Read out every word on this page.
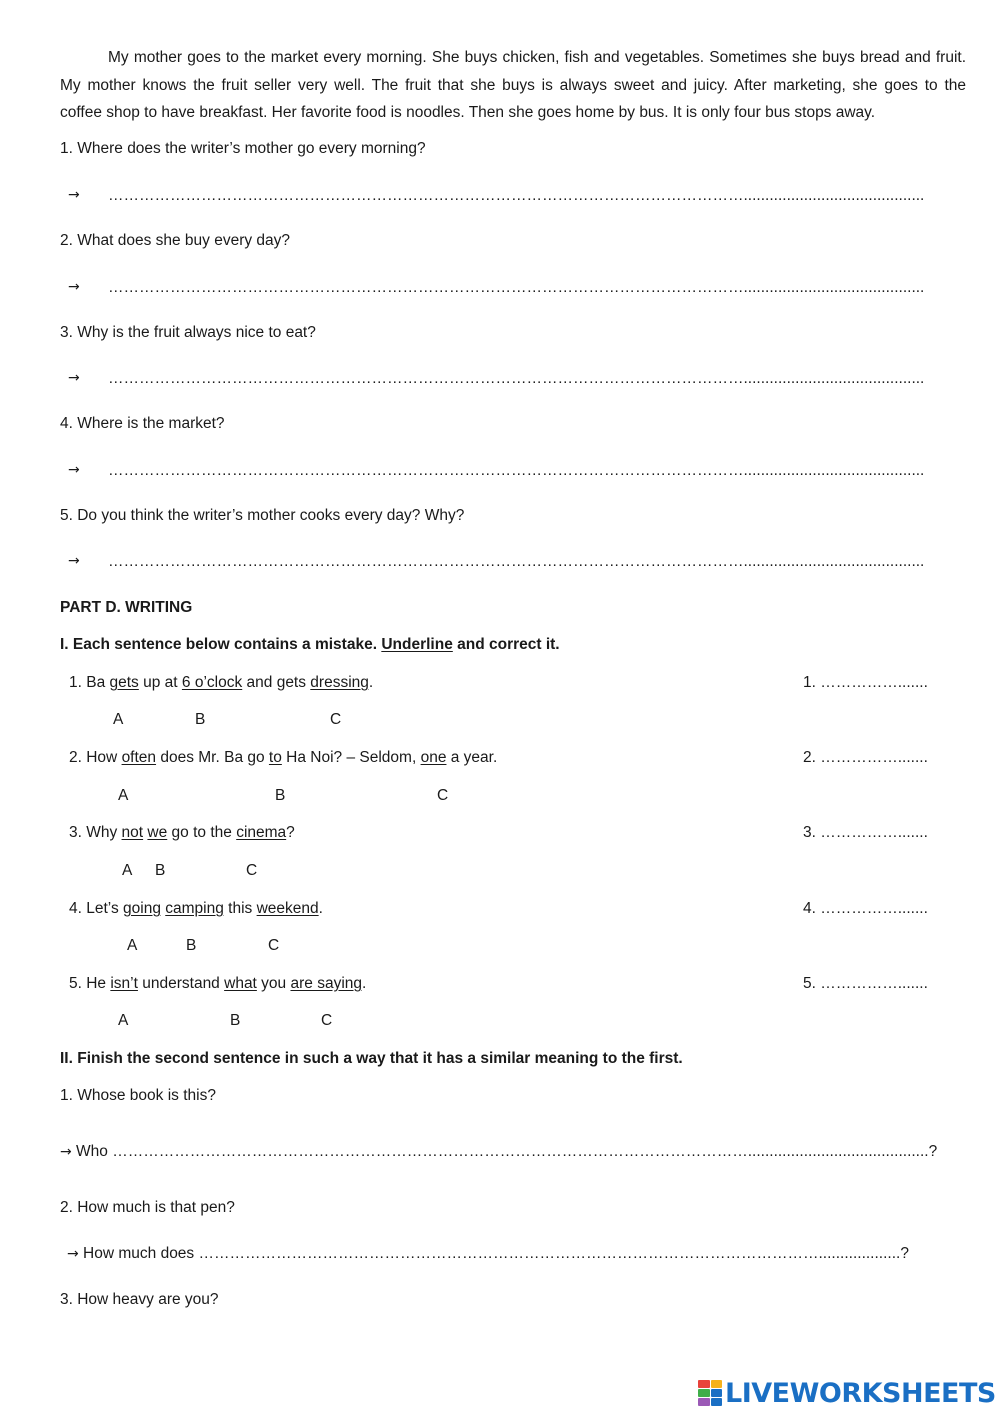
My mother goes to the market every morning. She buys chicken, fish and vegetables. Sometimes she buys bread and fruit.
My mother knows the fruit seller very well. The fruit that she buys is always sweet and juicy. After marketing, she goes to the
coffee shop to have breakfast. Her favorite food is noodles. Then she goes home by bus. It is only four bus stops away.
1. Where does the writer’s mother go every morning?
→ ……………………………………………………………………………………………………………..........................................
2. What does she buy every day?
→ ……………………………………………………………………………………………………………..........................................
3. Why is the fruit always nice to eat?
→ ……………………………………………………………………………………………………………..........................................
4. Where is the market?
→ ……………………………………………………………………………………………………………..........................................
5. Do you think the writer’s mother cooks every day? Why?
→ ……………………………………………………………………………………………………………..........................................
PART D. WRITING
I. Each sentence below contains a mistake. Underline and correct it.
1. Ba gets up at 6 o’clock and gets dressing.	1. …………….......
A	B	C
2. How often does Mr. Ba go to Ha Noi? – Seldom, one a year.	2. …………….......
A	B	C
3. Why not we go to the cinema?	3. …………….......
A B	C
4. Let’s going camping this weekend.	4. …………….......
A	B	C
5. He isn’t understand what you are saying.	5. …………….......
A	B	C
II. Finish the second sentence in such a way that it has a similar meaning to the first.
1. Whose book is this?
→ Who ……………………………………………………………………………………………………………..........................................?
2. How much is that pen?
→ How much does …………………………………………………………………………………………………………...................?
3. How heavy are you?
LIVEWORKSHEETS
